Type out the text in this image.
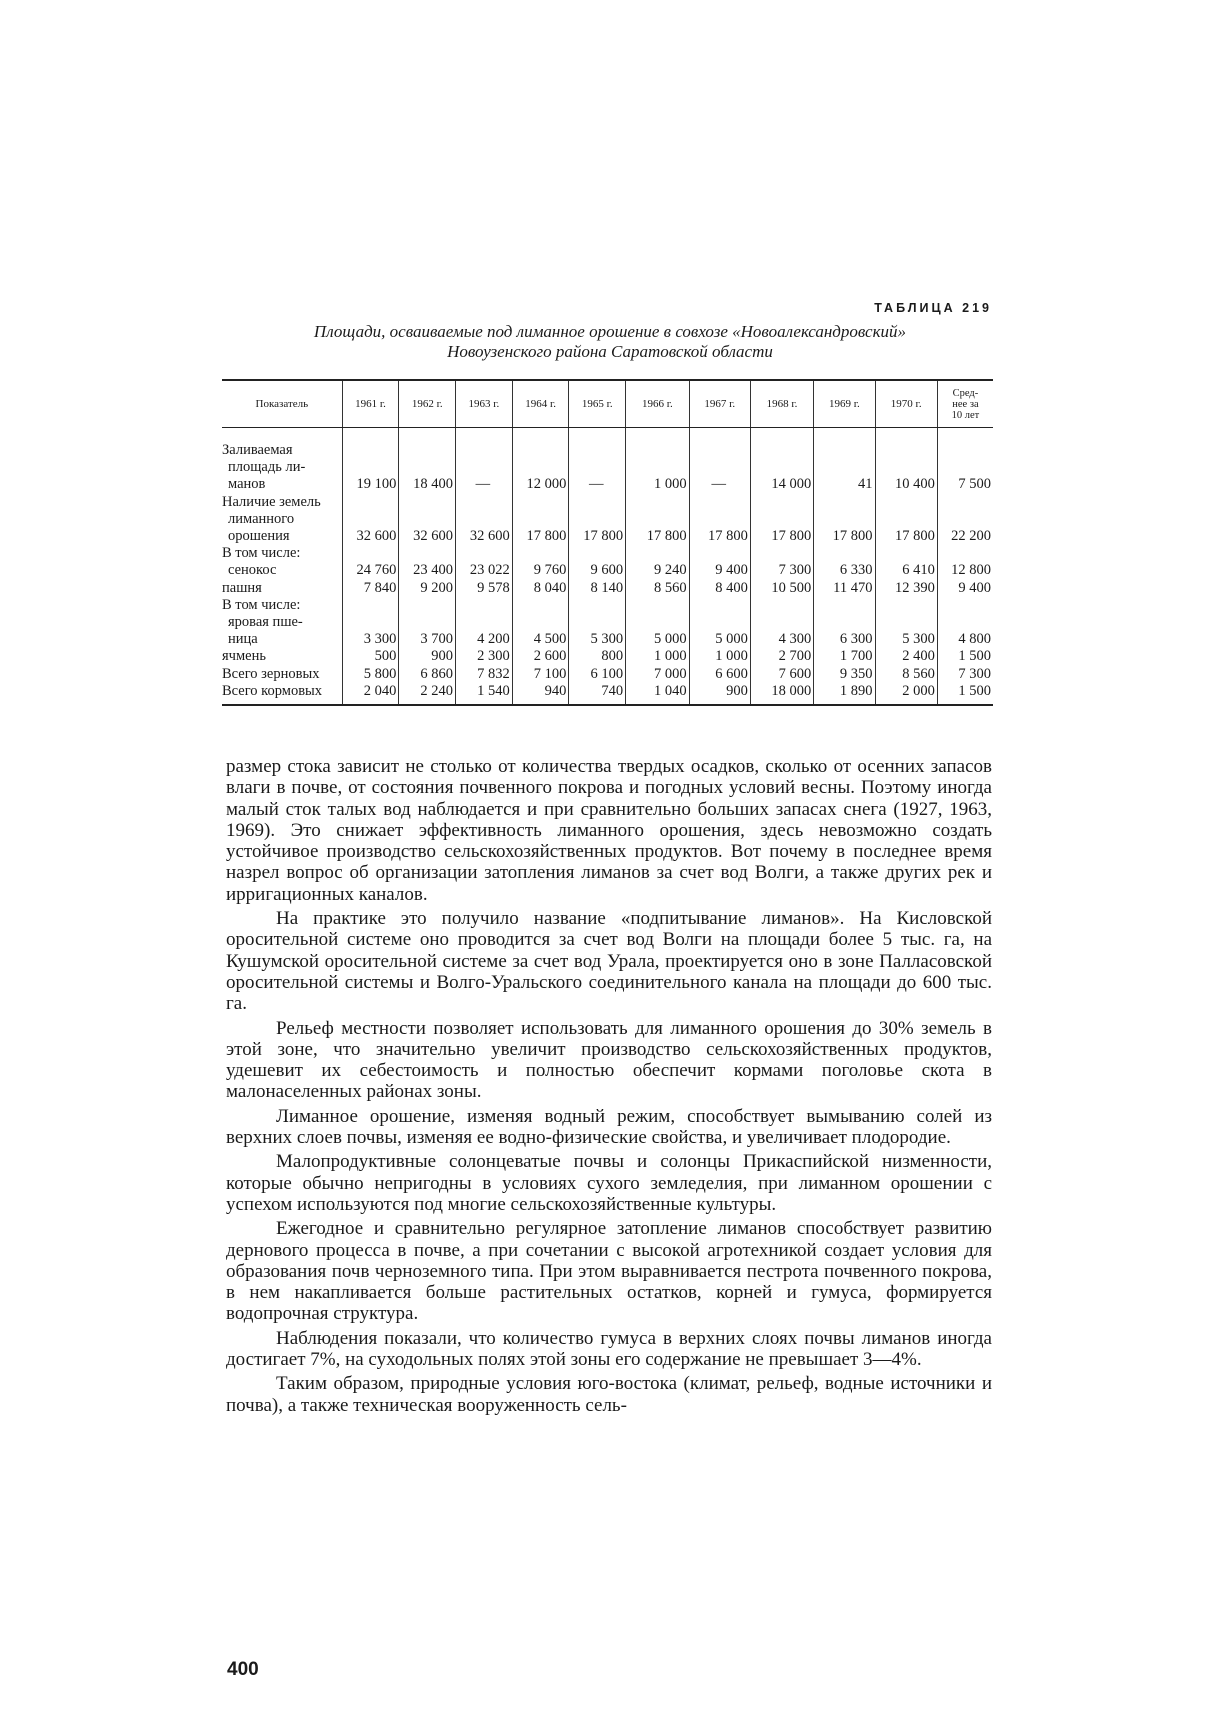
ТАБЛИЦА 219
Площади, осваиваемые под лиманное орошение в совхозе «Новоалександровский»
Новоузенского района Саратовской области
Показатель	1961 г.	1962 г.	1963 г.	1964 г.	1965 г.	1966 г.	1967 г.	1968 г.	1969 г.	1970 г.	Сред-
нее за
10 лет

Заливаемая
площадь ли-
манов	19 100	18 400	—	12 000	—	1 000	—	14 000	41	10 400	7 500

Наличие земель
лиманного
орошения	32 600	32 600	32 600	17 800	17 800	17 800	17 800	17 800	17 800	17 800	22 200

В том числе:
сенокос	24 760	23 400	23 022	9 760	9 600	9 240	9 400	7 300	6 330	6 410	12 800

пашня	7 840	9 200	9 578	8 040	8 140	8 560	8 400	10 500	11 470	12 390	9 400

В том числе:
яровая пше-
ница	3 300	3 700	4 200	4 500	5 300	5 000	5 000	4 300	6 300	5 300	4 800

ячмень	500	900	2 300	2 600	800	1 000	1 000	2 700	1 700	2 400	1 500

Всего зерновых	5 800	6 860	7 832	7 100	6 100	7 000	6 600	7 600	9 350	8 560	7 300

Всего кормовых	2 040	2 240	1 540	940	740	1 040	900	18 000	1 890	2 000	1 500

размер стока зависит не столько от количества твердых осадков, сколько от осенних запасов влаги в почве, от состояния почвенного покрова и погодных условий весны. Поэтому иногда малый сток талых вод наблюдается и при сравнительно больших запасах снега (1927, 1963, 1969). Это снижает эффективность лиманного орошения, здесь невозможно создать устойчивое производство сельскохозяйственных продуктов. Вот почему в последнее время назрел вопрос об организации затопления лиманов за счет вод Волги, а также других рек и ирригационных каналов.

На практике это получило название «подпитывание лиманов». На Кисловской оросительной системе оно проводится за счет вод Волги на площади более 5 тыс. га, на Кушумской оросительной системе за счет вод Урала, проектируется оно в зоне Палласовской оросительной системы и Волго-Уральского соединительного канала на площади до 600 тыс. га.

Рельеф местности позволяет использовать для лиманного орошения до 30% земель в этой зоне, что значительно увеличит производство сельскохозяйственных продуктов, удешевит их себестоимость и полностью обеспечит кормами поголовье скота в малонаселенных районах зоны.

Лиманное орошение, изменяя водный режим, способствует вымыванию солей из верхних слоев почвы, изменяя ее водно-физические свойства, и увеличивает плодородие.

Малопродуктивные солонцеватые почвы и солонцы Прикаспийской низменности, которые обычно непригодны в условиях сухого земледелия, при лиманном орошении с успехом используются под многие сельскохозяйственные культуры.

Ежегодное и сравнительно регулярное затопление лиманов способствует развитию дернового процесса в почве, а при сочетании с высокой агротехникой создает условия для образования почв черноземного типа. При этом выравнивается пестрота почвенного покрова, в нем накапливается больше растительных остатков, корней и гумуса, формируется водопрочная структура.

Наблюдения показали, что количество гумуса в верхних слоях почвы лиманов иногда достигает 7%, на суходольных полях этой зоны его содержание не превышает 3—4%.

Таким образом, природные условия юго-востока (климат, рельеф, водные источники и почва), а также техническая вооруженность сель-

400
